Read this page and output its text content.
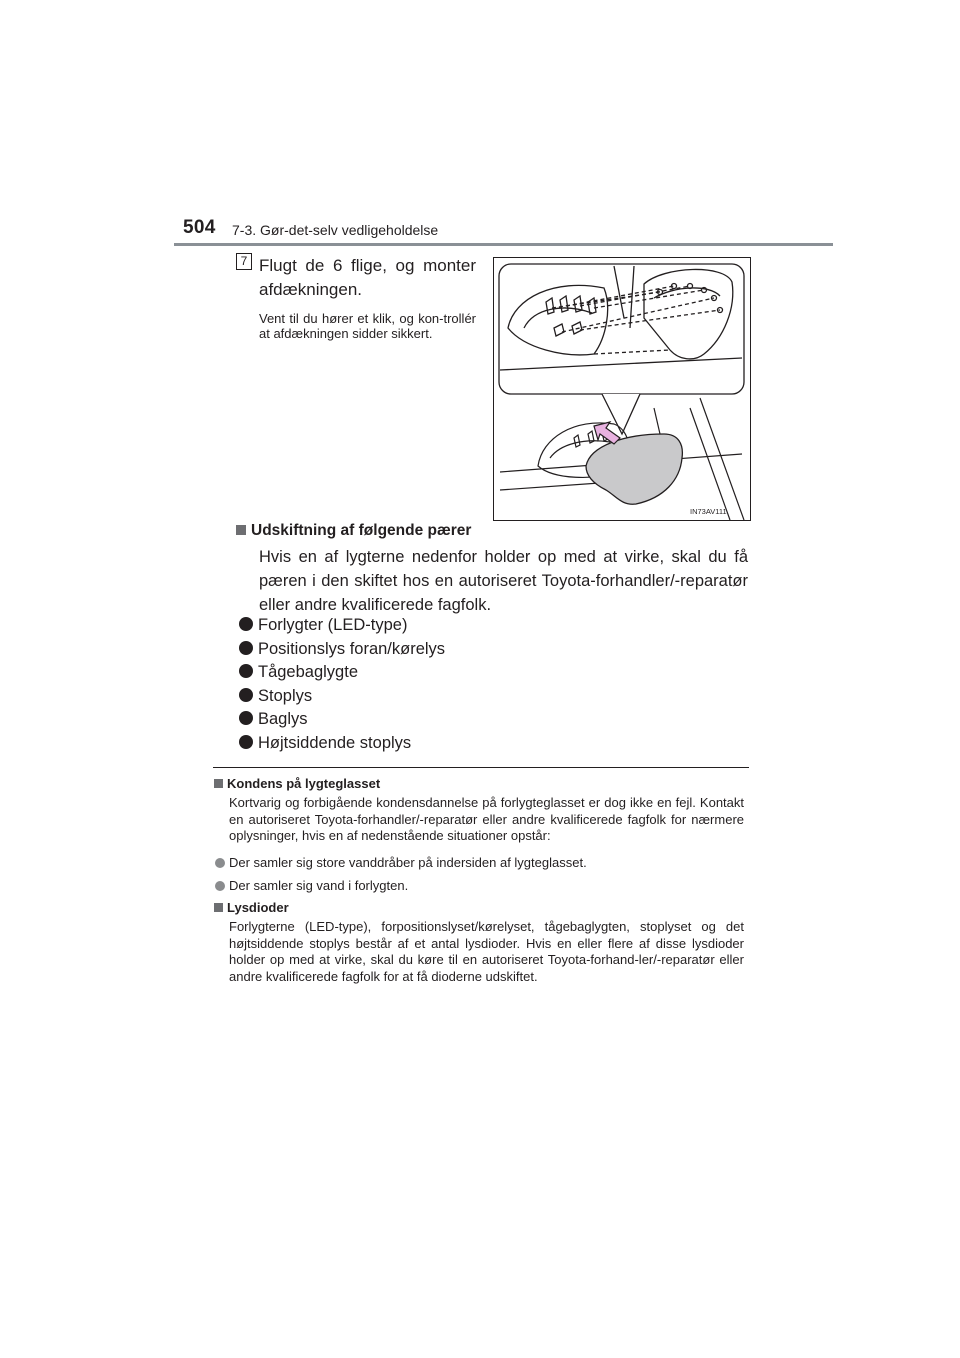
504 7-3. Gør-det-selv vedligeholdelse
7 Flugt de 6 flige, og monter afdækningen.
Vent til du hører et klik, og kon-trollér at afdækningen sidder sikkert.
IN73AV111
Udskiftning af følgende pærer
Hvis en af lygterne nedenfor holder op med at virke, skal du få pæren i den skiftet hos en autoriseret Toyota-forhandler/-reparatør eller andre kvalificerede fagfolk.
Forlygter (LED-type)
Positionslys foran/kørelys
Tågebaglygte
Stoplys
Baglys
Højtsiddende stoplys
Kondens på lygteglasset
Kortvarig og forbigående kondensdannelse på forlygteglasset er dog ikke en fejl. Kontakt en autoriseret Toyota-forhandler/-reparatør eller andre kvalificerede fagfolk for nærmere oplysninger, hvis en af nedenstående situationer opstår:
Der samler sig store vanddråber på indersiden af lygteglasset.
Der samler sig vand i forlygten.
Lysdioder
Forlygterne (LED-type), forpositionslyset/kørelyset, tågebaglygten, stoplyset og det højtsiddende stoplys består af et antal lysdioder. Hvis en eller flere af disse lysdioder holder op med at virke, skal du køre til en autoriseret Toyota-forhand-ler/-reparatør eller andre kvalificerede fagfolk for at få dioderne udskiftet.
